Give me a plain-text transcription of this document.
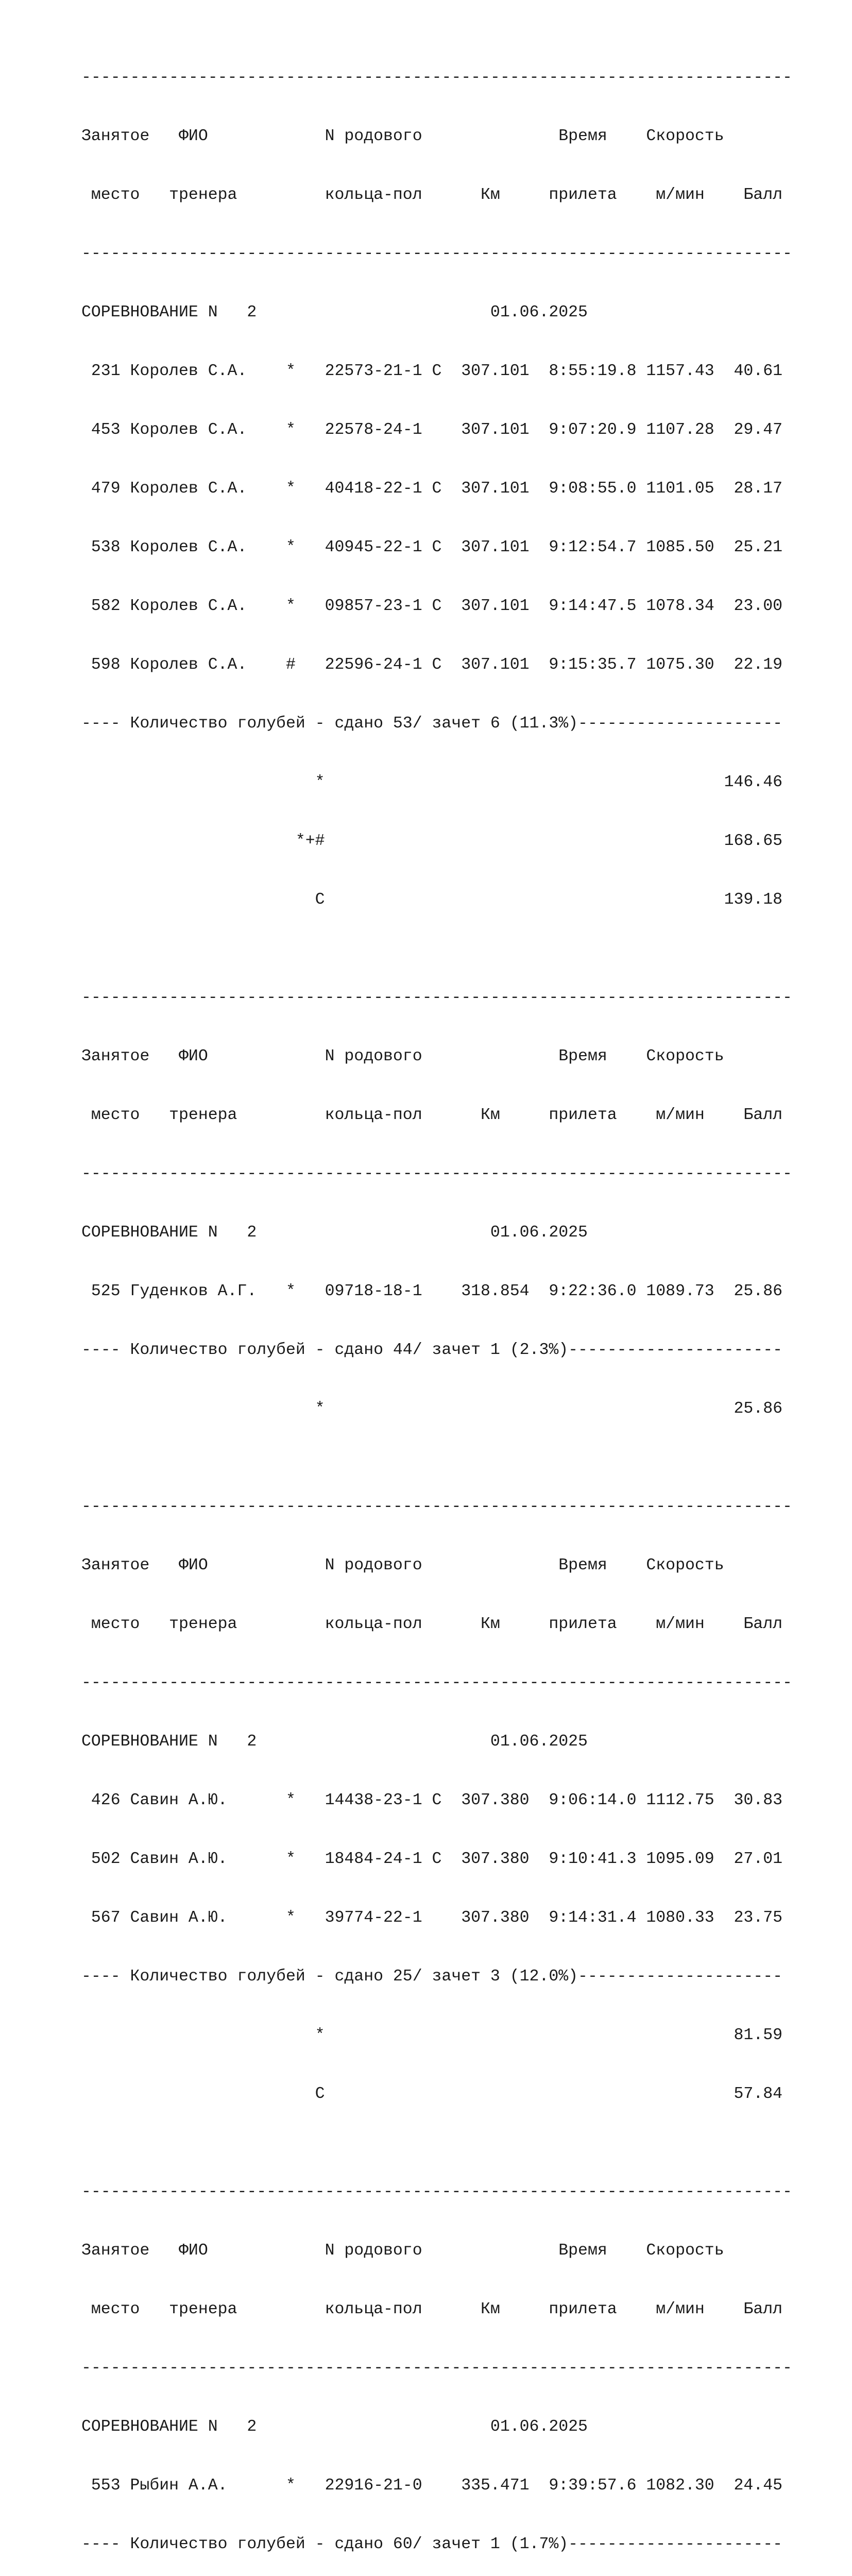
-------------------------------------------------------------------------

Занятое   ФИО            N родового              Время    Скорость

место   тренера         кольца-пол      Км     прилета    м/мин    Балл

-------------------------------------------------------------------------

СОРЕВНОВАНИЕ N   2                        01.06.2025

231 Королев С.А.    *   22573-21-1 С  307.101  8:55:19.8 1157.43  40.61

453 Королев С.А.    *   22578-24-1    307.101  9:07:20.9 1107.28  29.47

479 Королев С.А.    *   40418-22-1 С  307.101  9:08:55.0 1101.05  28.17

538 Королев С.А.    *   40945-22-1 С  307.101  9:12:54.7 1085.50  25.21

582 Королев С.А.    *   09857-23-1 С  307.101  9:14:47.5 1078.34  23.00

598 Королев С.А.    #   22596-24-1 С  307.101  9:15:35.7 1075.30  22.19

---- Количество голубей - сдано 53/ зачет 6 (11.3%)---------------------

*                                         146.46

*+#                                         168.65

С                                         139.18

-------------------------------------------------------------------------

Занятое   ФИО            N родового              Время    Скорость

место   тренера         кольца-пол      Км     прилета    м/мин    Балл

-------------------------------------------------------------------------

СОРЕВНОВАНИЕ N   2                        01.06.2025

525 Гуденков А.Г.   *   09718-18-1    318.854  9:22:36.0 1089.73  25.86

---- Количество голубей - сдано 44/ зачет 1 (2.3%)----------------------

*                                          25.86

-------------------------------------------------------------------------

Занятое   ФИО            N родового              Время    Скорость

место   тренера         кольца-пол      Км     прилета    м/мин    Балл

-------------------------------------------------------------------------

СОРЕВНОВАНИЕ N   2                        01.06.2025

426 Савин А.Ю.      *   14438-23-1 С  307.380  9:06:14.0 1112.75  30.83

502 Савин А.Ю.      *   18484-24-1 С  307.380  9:10:41.3 1095.09  27.01

567 Савин А.Ю.      *   39774-22-1    307.380  9:14:31.4 1080.33  23.75

---- Количество голубей - сдано 25/ зачет 3 (12.0%)---------------------

*                                          81.59

С                                          57.84

-------------------------------------------------------------------------

Занятое   ФИО            N родового              Время    Скорость

место   тренера         кольца-пол      Км     прилета    м/мин    Балл

-------------------------------------------------------------------------

СОРЕВНОВАНИЕ N   2                        01.06.2025

553 Рыбин А.А.      *   22916-21-0    335.471  9:39:57.6 1082.30  24.45

---- Количество голубей - сдано 60/ зачет 1 (1.7%)----------------------
